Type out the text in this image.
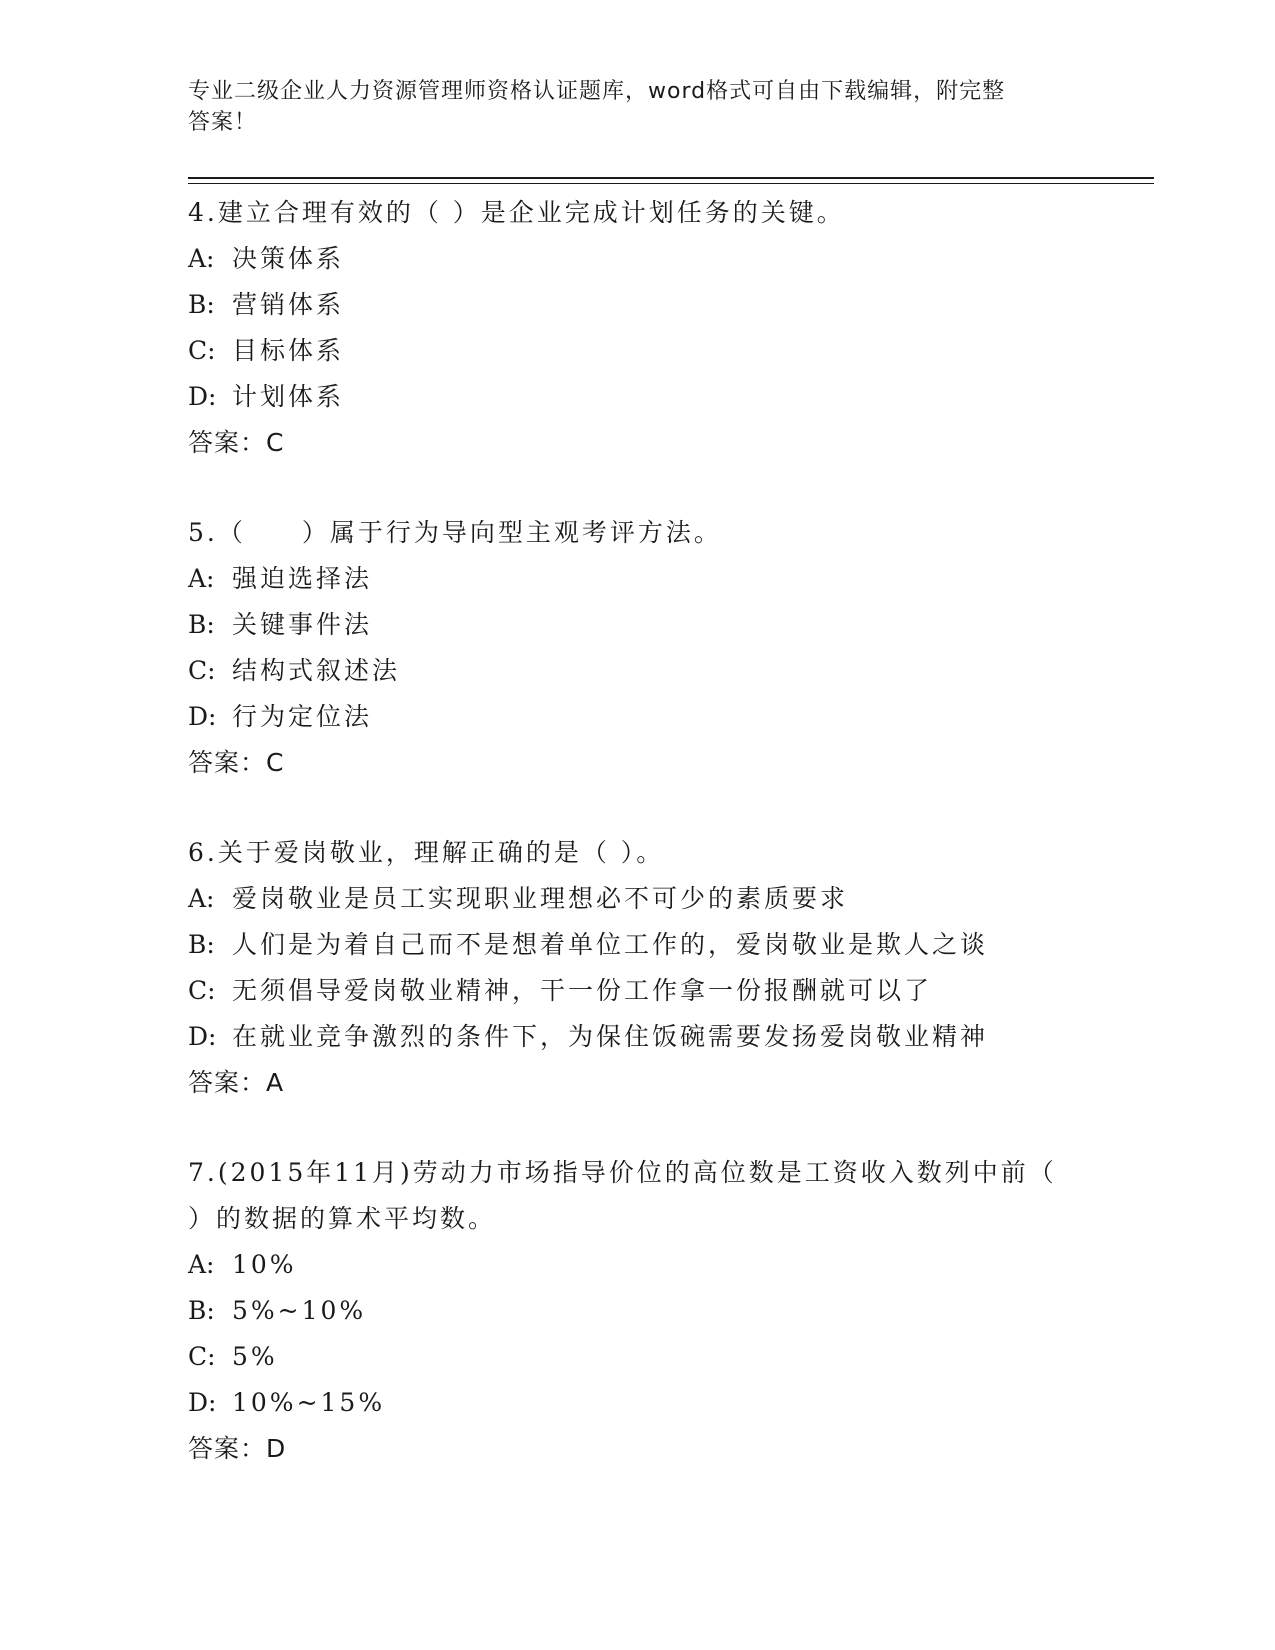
专业二级企业人力资源管理师资格认证题库，word格式可自由下载编辑，附完整
答案！
4.建立合理有效的（ ）是企业完成计划任务的关键。
A: 决策体系
B: 营销体系
C: 目标体系
D: 计划体系
答案：C
5.（　　）属于行为导向型主观考评方法。
A: 强迫选择法
B: 关键事件法
C: 结构式叙述法
D: 行为定位法
答案：C
6.关于爱岗敬业，理解正确的是（ ）。
A: 爱岗敬业是员工实现职业理想必不可少的素质要求
B: 人们是为着自己而不是想着单位工作的，爱岗敬业是欺人之谈
C: 无须倡导爱岗敬业精神，干一份工作拿一份报酬就可以了
D: 在就业竞争激烈的条件下，为保住饭碗需要发扬爱岗敬业精神
答案：A
7.(2015年11月)劳动力市场指导价位的高位数是工资收入数列中前（
）的数据的算术平均数。
A: 10%
B: 5%~10%
C: 5%
D: 10%~15%
答案：D
